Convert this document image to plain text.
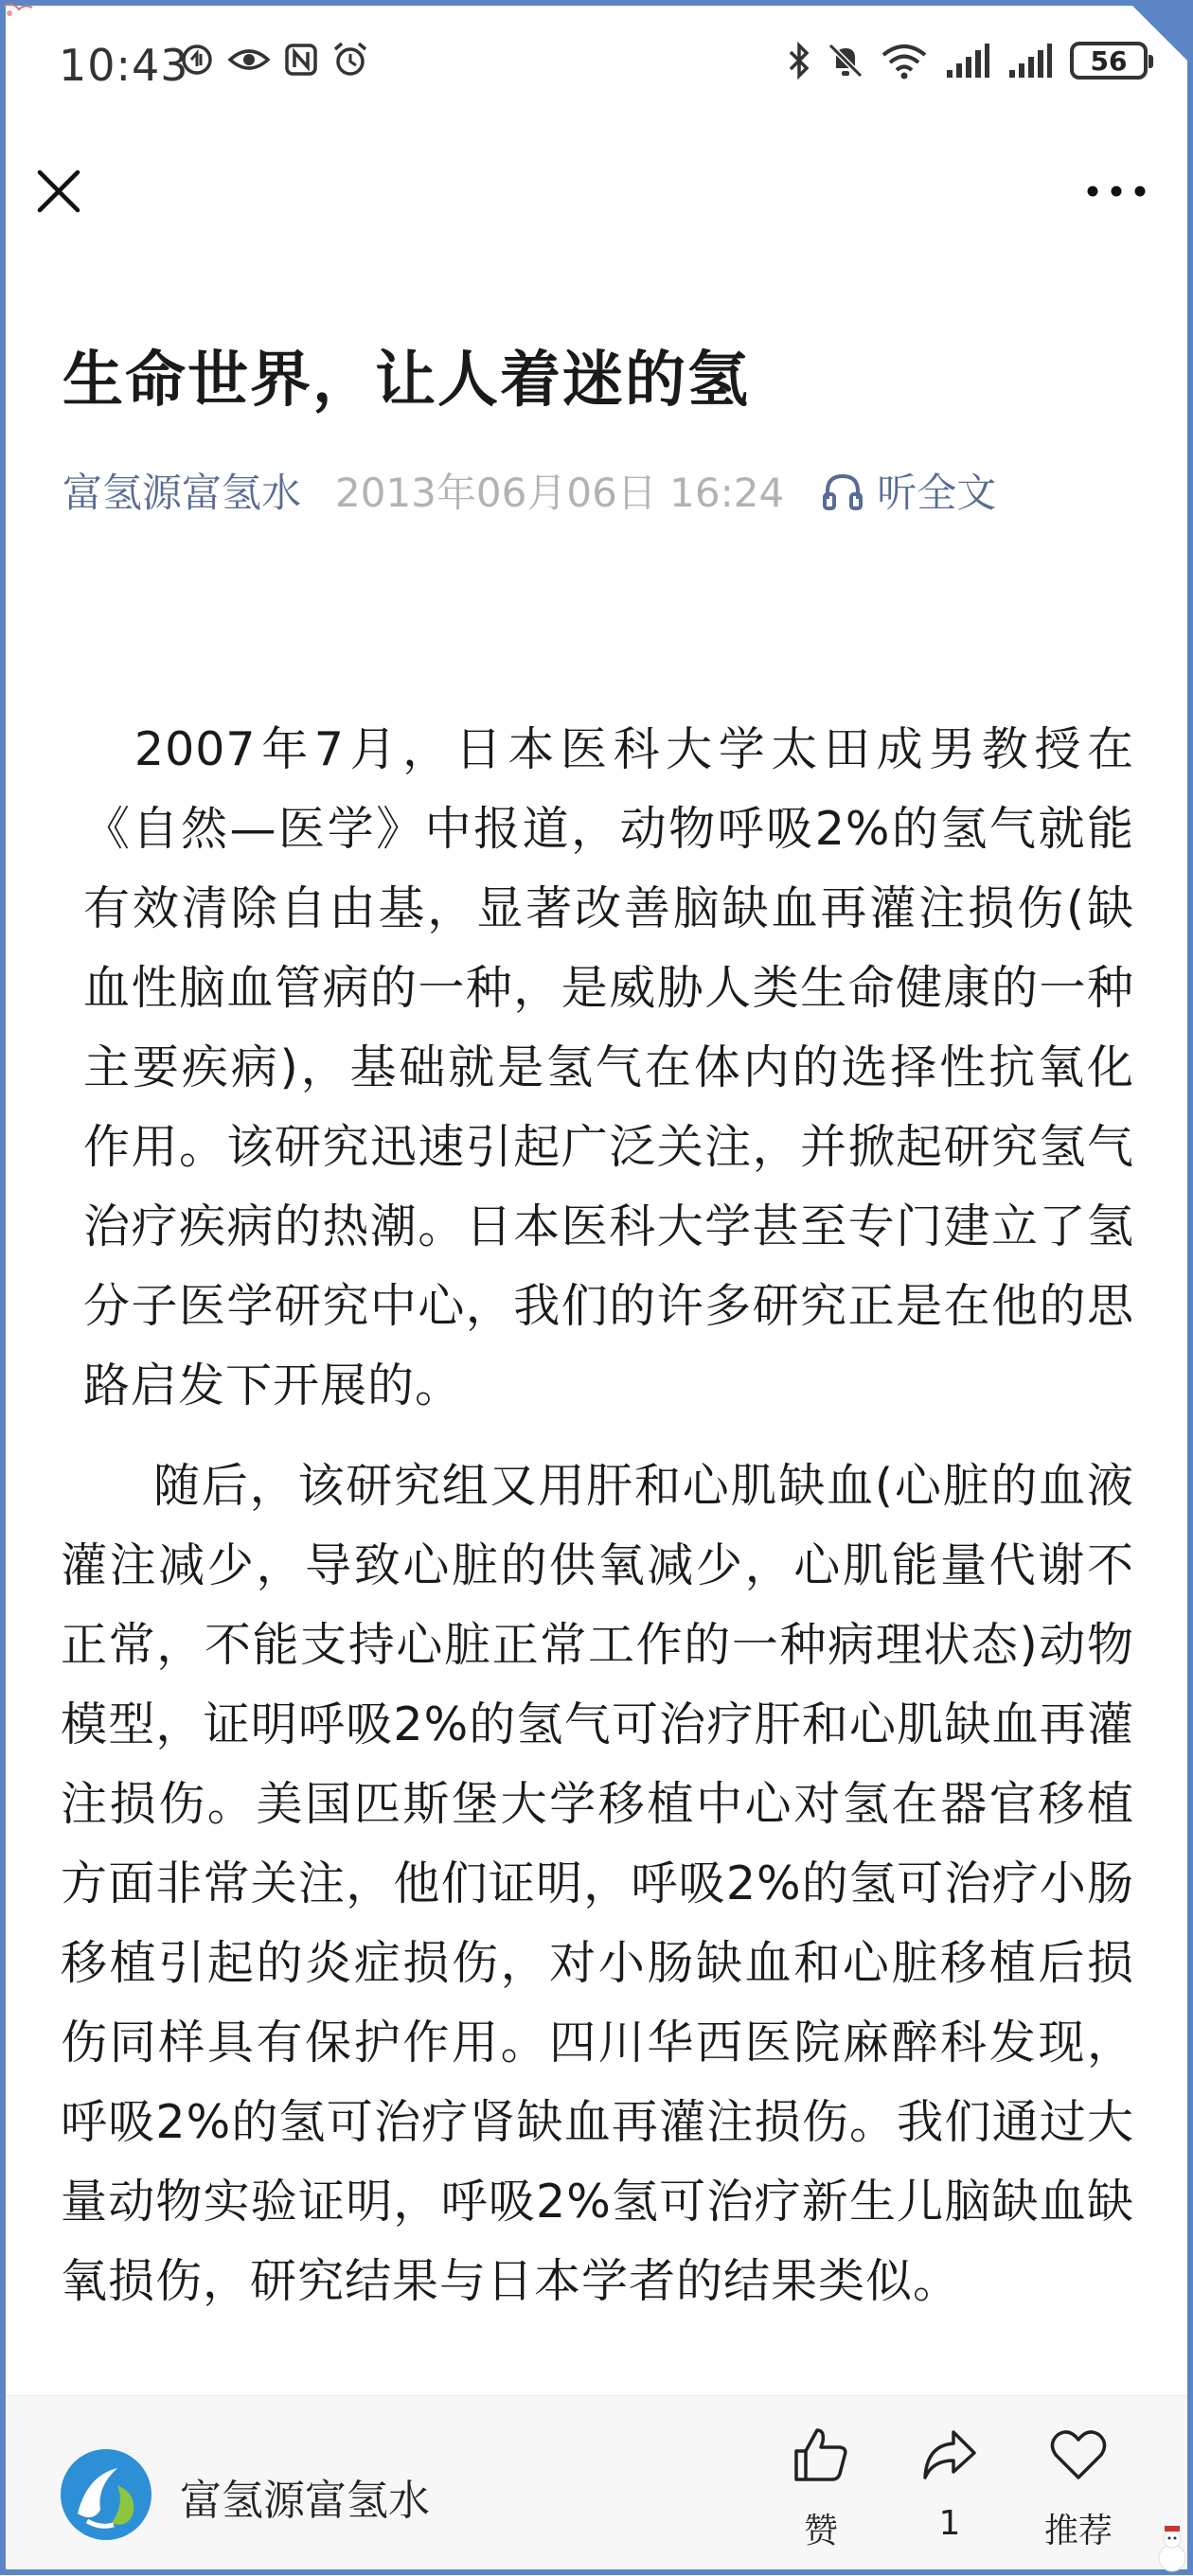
10:43	56
生命世界，让人着迷的氢
富氢源富氢水 2013年06月06日 16:24 听全文

2007年7月，日本医科大学太田成男教授在《自然—医学》中报道，动物呼吸2%的氢气就能有效清除自由基，显著改善脑缺血再灌注损伤(缺血性脑血管病的一种，是威胁人类生命健康的一种主要疾病)，基础就是氢气在体内的选择性抗氧化作用。该研究迅速引起广泛关注，并掀起研究氢气治疗疾病的热潮。日本医科大学甚至专门建立了氢分子医学研究中心，我们的许多研究正是在他的思路启发下开展的。

随后，该研究组又用肝和心肌缺血(心脏的血液灌注减少，导致心脏的供氧减少，心肌能量代谢不正常，不能支持心脏正常工作的一种病理状态)动物模型，证明呼吸2%的氢气可治疗肝和心肌缺血再灌注损伤。美国匹斯堡大学移植中心对氢在器官移植方面非常关注，他们证明，呼吸2%的氢可治疗小肠移植引起的炎症损伤，对小肠缺血和心脏移植后损伤同样具有保护作用。四川华西医院麻醉科发现，呼吸2%的氢可治疗肾缺血再灌注损伤。我们通过大量动物实验证明，呼吸2%氢可治疗新生儿脑缺血缺氧损伤，研究结果与日本学者的结果类似。

富氢源富氢水
赞	1	推荐
